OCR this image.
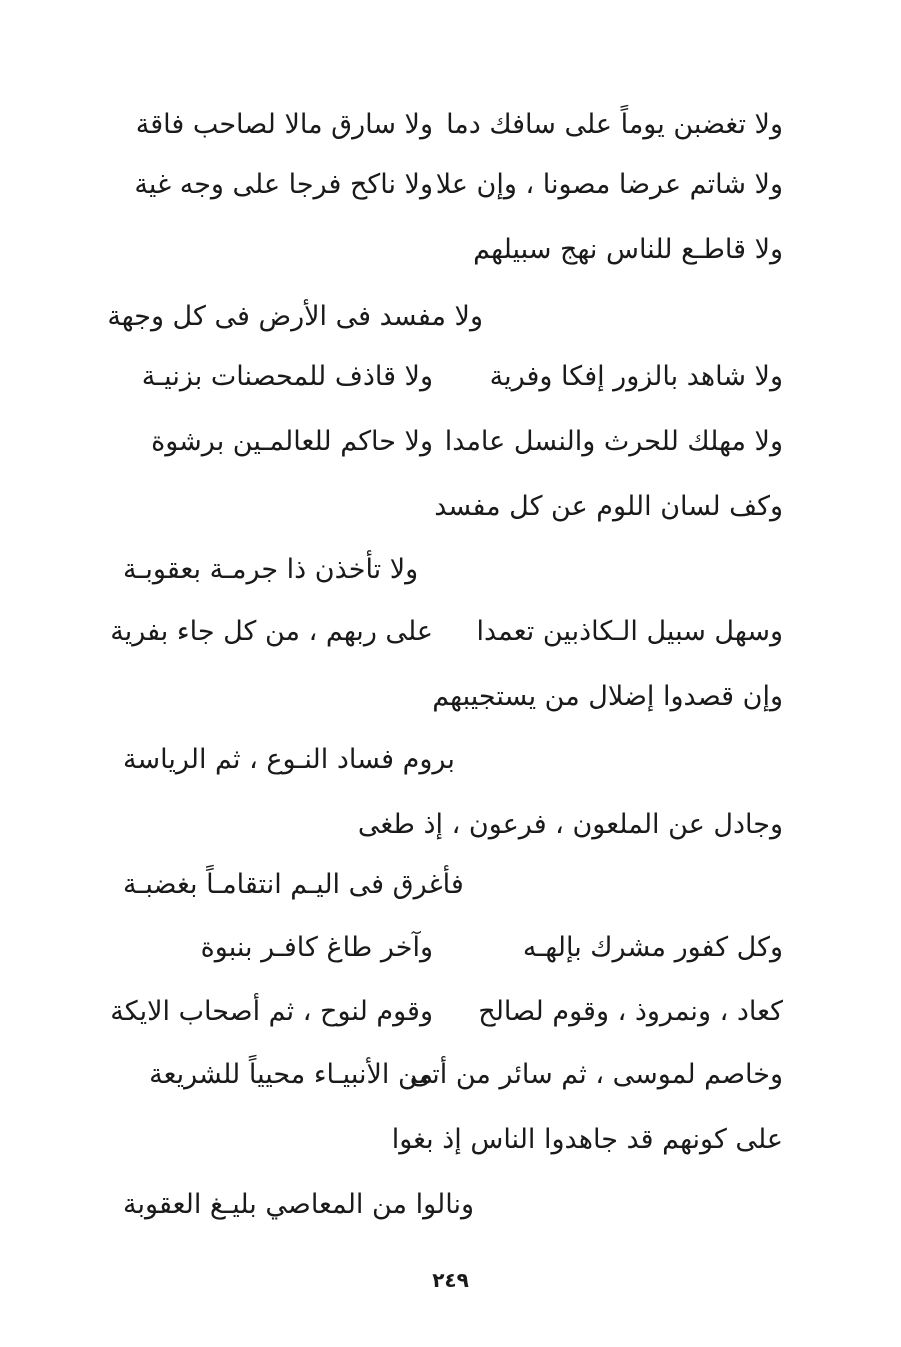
ولا تغضبن يوماً على سافك دما
ولا سارق مالا لصاحب فاقة
ولا شاتم عرضا مصونا ، وإن علا
ولا ناكح فرجا على وجه غية
ولا قاطـع للناس نهج سبيلهم
ولا مفسد فى الأرض فى كل وجهة
ولا شاهد بالزور إفكا وفرية
ولا قاذف للمحصنات بزنيـة
ولا مهلك للحرث والنسل عامدا
ولا حاكم للعالمـين برشوة
وكف لسان اللوم عن كل مفسد
ولا تأخذن ذا جرمـة بعقوبـة
وسهل سبيل الـكاذبين تعمدا
على ربهم ، من كل جاء بفرية
وإن قصدوا إضلال من يستجيبهم
بروم فساد النـوع ، ثم الرياسة
وجادل عن الملعون ، فرعون ، إذ طغى
فأغرق فى اليـم انتقامـاً بغضبـة
وكل كفور مشرك بإلهـه
وآخر طاغ كافـر بنبوة
كعاد ، ونمروذ ، وقوم لصالح
وقوم لنوح ، ثم أصحاب الايكة
وخاصم لموسى ، ثم سائر من أتى
من الأنبيـاء محيياً للشريعة
على كونهم قد جاهدوا الناس إذ بغوا
ونالوا من المعاصي بليـغ العقوبة
٢٤٩
